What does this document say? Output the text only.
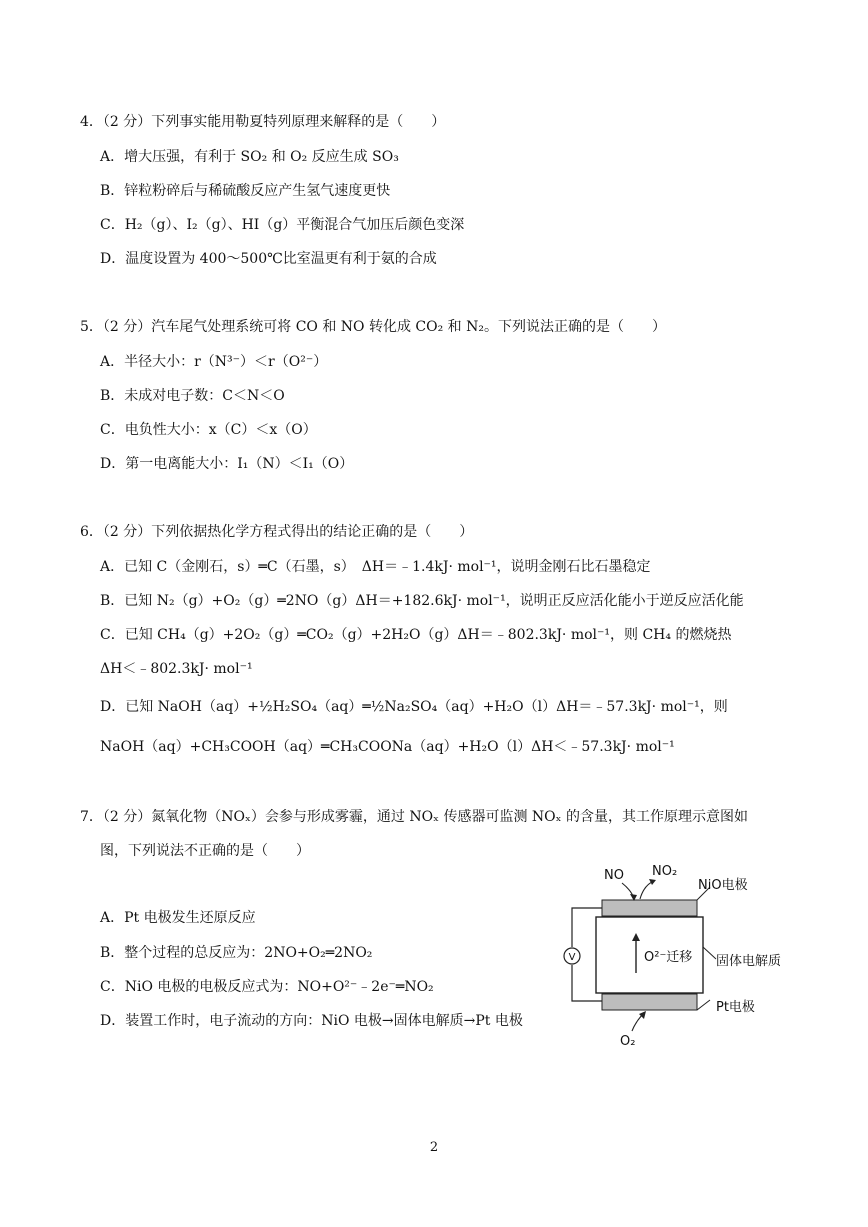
4．（2 分）下列事实能用勒夏特列原理来解释的是（　　）
A．增大压强，有利于 SO₂ 和 O₂ 反应生成 SO₃
B．锌粒粉碎后与稀硫酸反应产生氢气速度更快
C．H₂（g）、I₂（g）、HI（g）平衡混合气加压后颜色变深
D．温度设置为 400～500℃比室温更有利于氨的合成
5．（2 分）汽车尾气处理系统可将 CO 和 NO 转化成 CO₂ 和 N₂。下列说法正确的是（　　）
A．半径大小：r（N³⁻）＜r（O²⁻）
B．未成对电子数：C＜N＜O
C．电负性大小：x（C）＜x（O）
D．第一电离能大小：I₁（N）＜I₁（O）
6．（2 分）下列依据热化学方程式得出的结论正确的是（　　）
A．已知 C（金刚石，s）═C（石墨，s）　ΔH＝﹣1.4kJ· mol⁻¹，说明金刚石比石墨稳定
B．已知 N₂（g）+O₂（g）═2NO（g）ΔH＝+182.6kJ· mol⁻¹，说明正反应活化能小于逆反应活化能
C．已知 CH₄（g）+2O₂（g）═CO₂（g）+2H₂O（g）ΔH＝﹣802.3kJ· mol⁻¹，则 CH₄ 的燃烧热
ΔH＜﹣802.3kJ· mol⁻¹
D．已知 NaOH（aq）+½H₂SO₄（aq）═½Na₂SO₄（aq）+H₂O（l）ΔH＝﹣57.3kJ· mol⁻¹，则
NaOH（aq）+CH₃COOH（aq）═CH₃COONa（aq）+H₂O（l）ΔH＜﹣57.3kJ· mol⁻¹
7．（2 分）氮氧化物（NOₓ）会参与形成雾霾，通过 NOₓ 传感器可监测 NOₓ 的含量，其工作原理示意图如
图，下列说法不正确的是（　　）
A．Pt 电极发生还原反应
B．整个过程的总反应为：2NO+O₂═2NO₂
C．NiO 电极的电极反应式为：NO+O²⁻﹣2e⁻═NO₂
D．装置工作时，电子流动的方向：NiO 电极→固体电解质→Pt 电极
V	O²⁻迁移
NO NO₂
NiO电极
固体电解质
Pt电极
O₂
2
